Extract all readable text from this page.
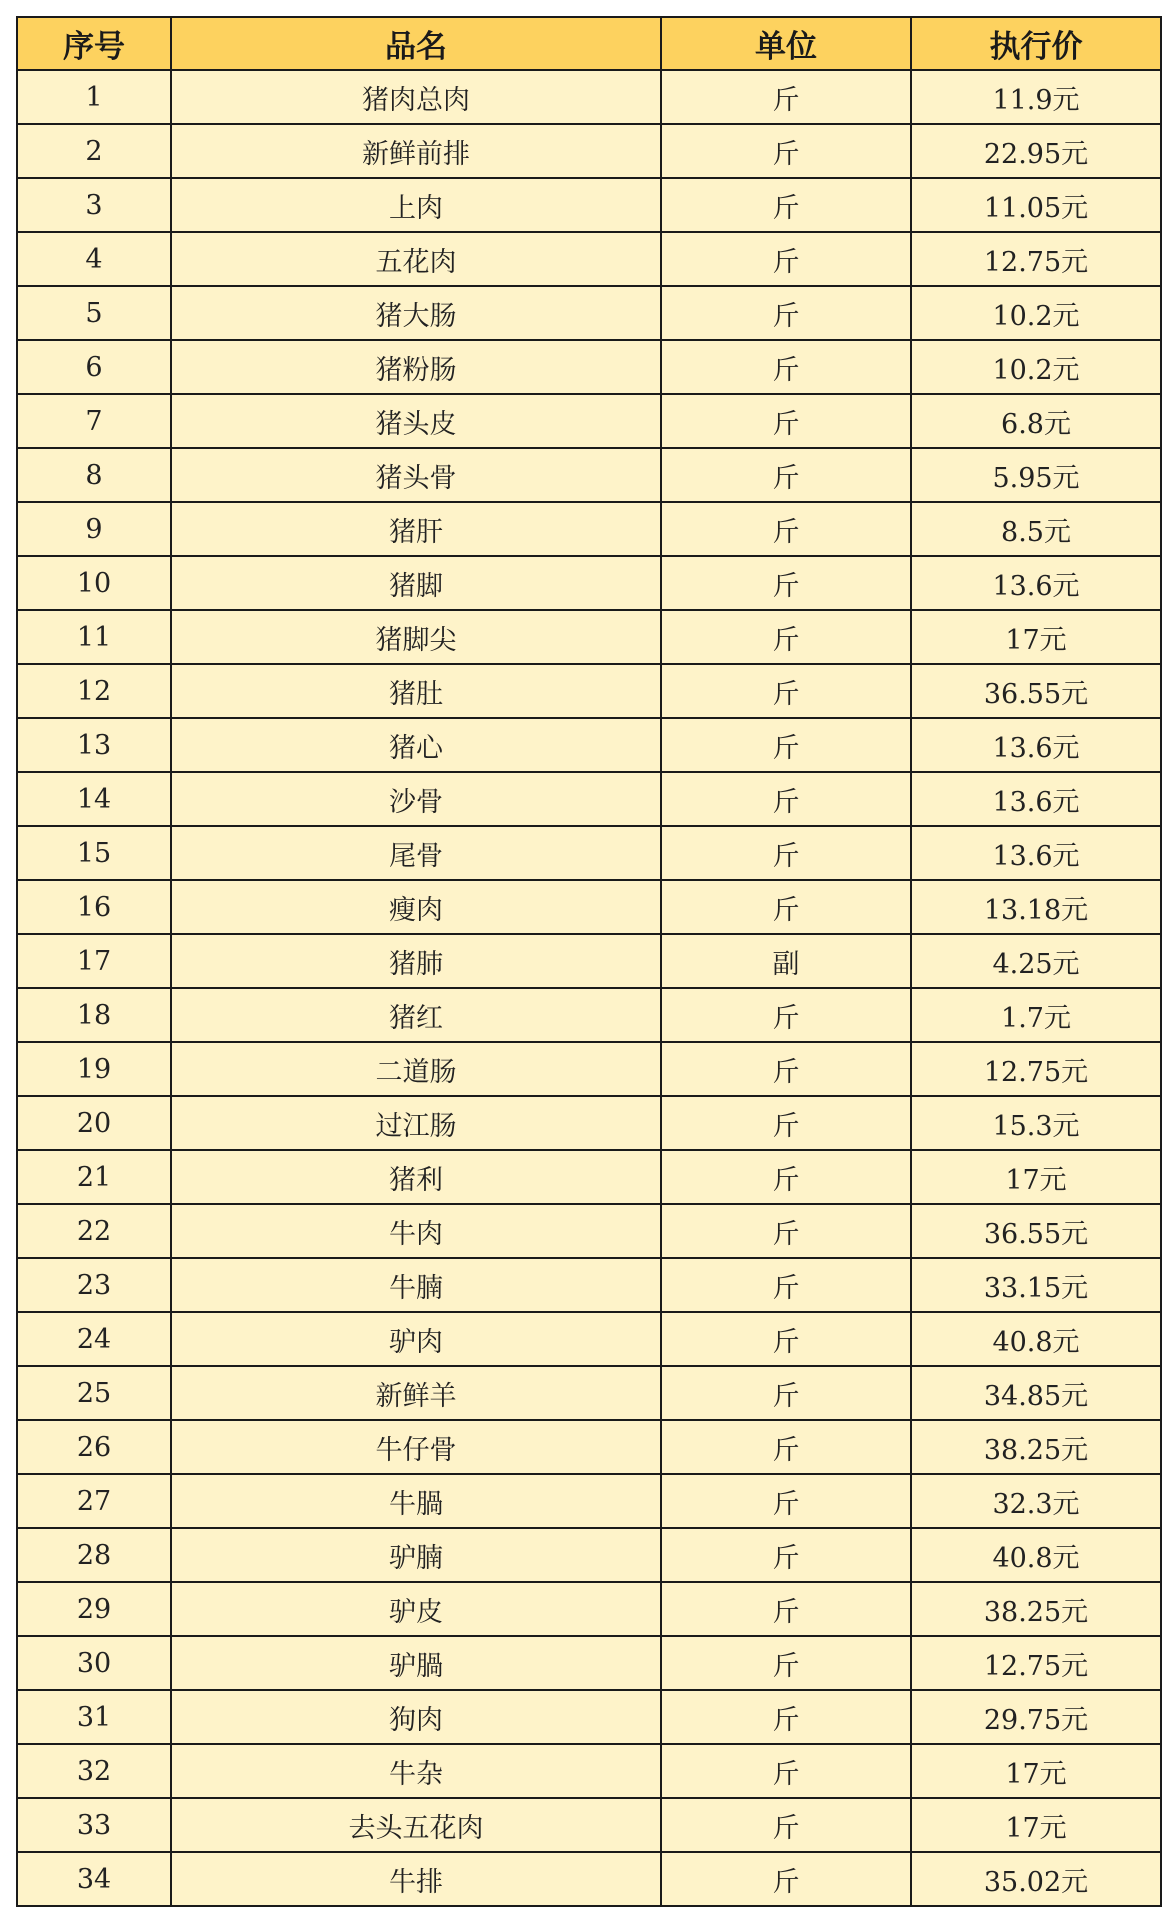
序号	品名	单位	执行价
1	猪肉总肉	斤	11.9元
2	新鲜前排	斤	22.95元
3	上肉	斤	11.05元
4	五花肉	斤	12.75元
5	猪大肠	斤	10.2元
6	猪粉肠	斤	10.2元
7	猪头皮	斤	6.8元
8	猪头骨	斤	5.95元
9	猪肝	斤	8.5元
10	猪脚	斤	13.6元
11	猪脚尖	斤	17元
12	猪肚	斤	36.55元
13	猪心	斤	13.6元
14	沙骨	斤	13.6元
15	尾骨	斤	13.6元
16	瘦肉	斤	13.18元
17	猪肺	副	4.25元
18	猪红	斤	1.7元
19	二道肠	斤	12.75元
20	过江肠	斤	15.3元
21	猪利	斤	17元
22	牛肉	斤	36.55元
23	牛腩	斤	33.15元
24	驴肉	斤	40.8元
25	新鲜羊	斤	34.85元
26	牛仔骨	斤	38.25元
27	牛腡	斤	32.3元
28	驴腩	斤	40.8元
29	驴皮	斤	38.25元
30	驴腡	斤	12.75元
31	狗肉	斤	29.75元
32	牛杂	斤	17元
33	去头五花肉	斤	17元
34	牛排	斤	35.02元
